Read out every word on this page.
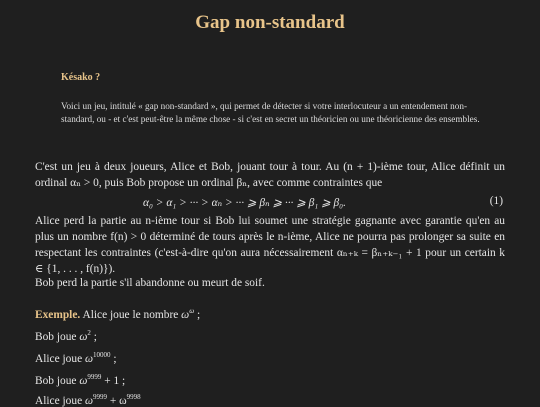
Gap non-standard
Késako ?
Voici un jeu, intitulé « gap non-standard », qui permet de détecter si votre interlocuteur a un entendement non-standard, ou - et c'est peut-être la même chose - si c'est en secret un théoricien ou une théoricienne des ensembles.
C'est un jeu à deux joueurs, Alice et Bob, jouant tour à tour. Au (n + 1)-ième tour, Alice définit un ordinal αₙ > 0, puis Bob propose un ordinal βₙ, avec comme contraintes que
α₀ > α₁ > ··· > αₙ > ··· ⩾ βₙ ⩾ ··· ⩾ β₁ ⩾ β₀.	(1)
Alice perd la partie au n-ième tour si Bob lui soumet une stratégie gagnante avec garantie qu'en au plus un nombre f(n) > 0 déterminé de tours après le n-ième, Alice ne pourra pas prolonger sa suite en respectant les contraintes (c'est-à-dire qu'on aura nécessairement αₙ₊ₖ = βₙ₊ₖ₋₁ + 1 pour un certain k ∈ {1, . . . , f(n)}).
Bob perd la partie s'il abandonne ou meurt de soif.
Exemple. Alice joue le nombre $\omega^\omega$ ;
Bob joue $\omega^2$ ;
Alice joue $\omega^{10000}$ ;
Bob joue $\omega^{9999} + 1$ ;
Alice joue $\omega^{9999} + \omega^{9998}$
